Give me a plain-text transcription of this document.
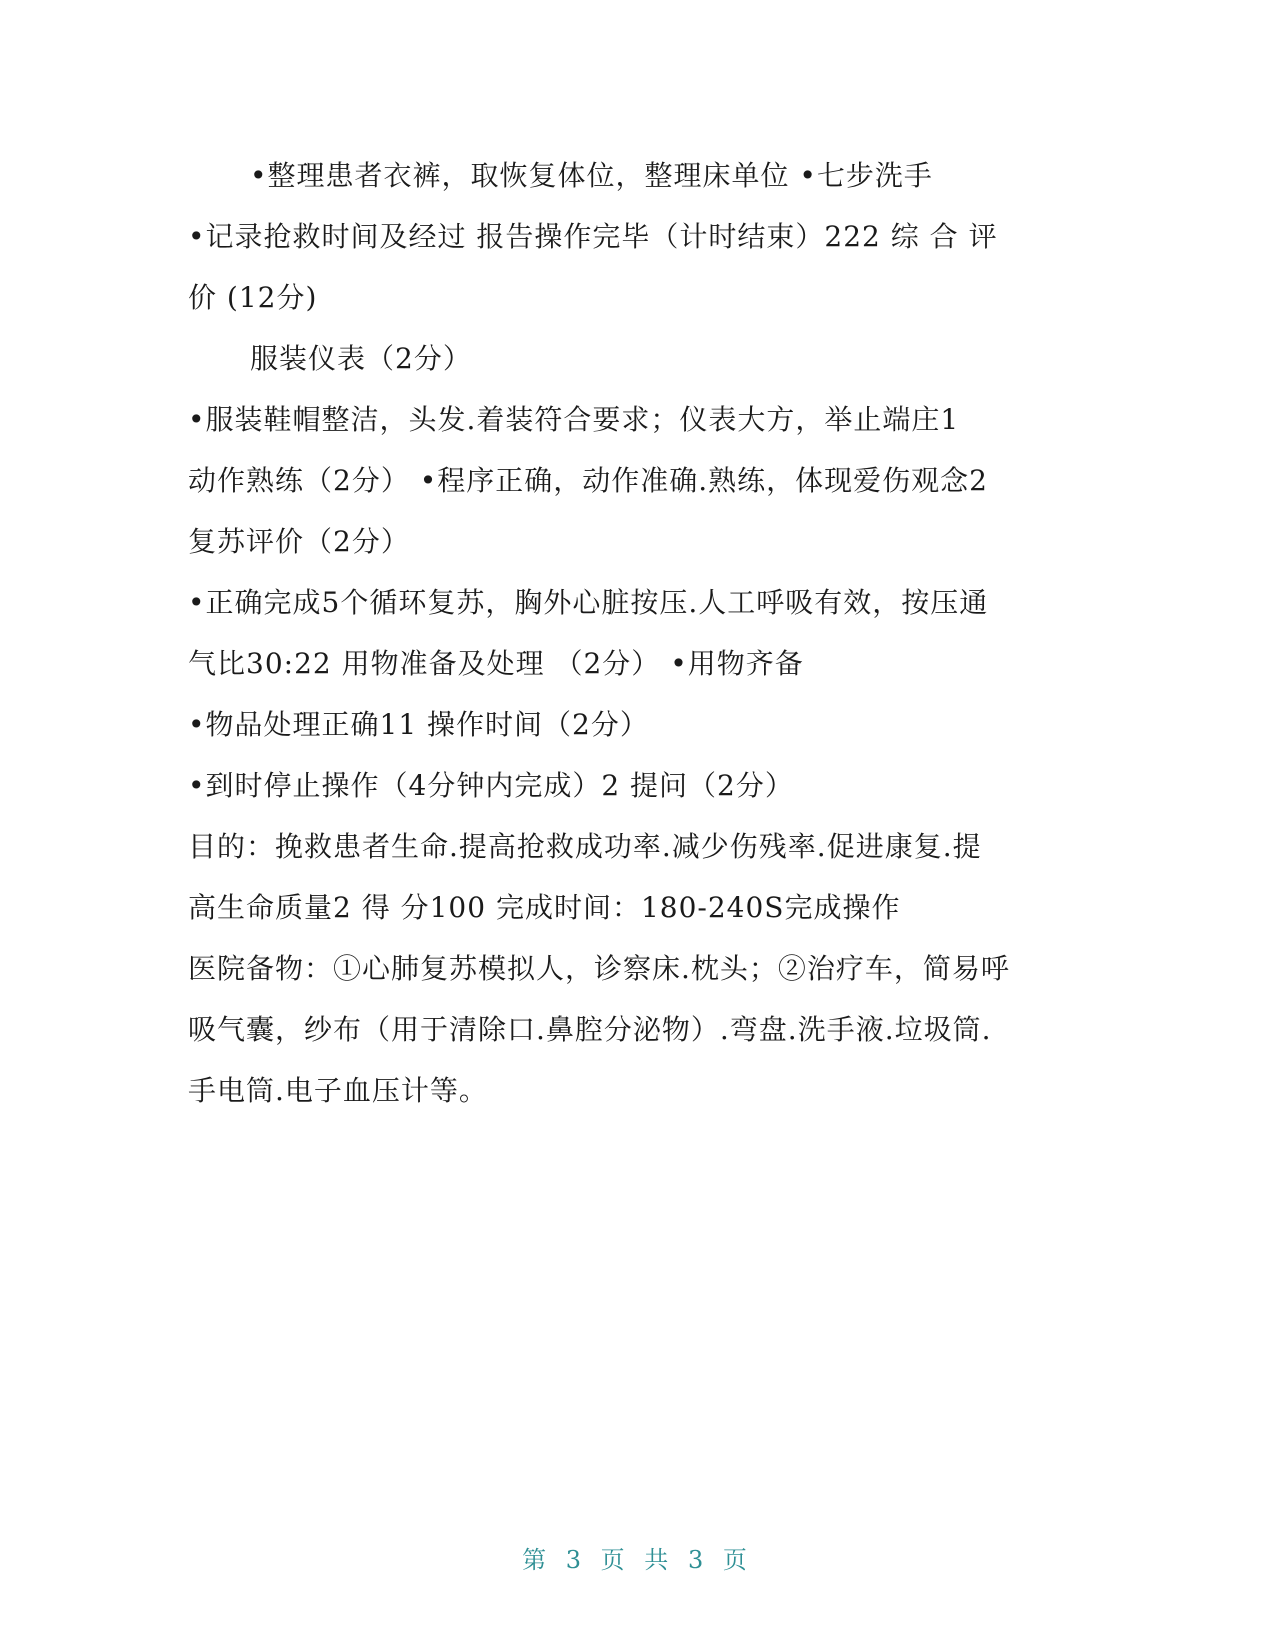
•整理患者衣裤，取恢复体位，整理床单位 •七步洗手
•记录抢救时间及经过 报告操作完毕（计时结束）222 综 合 评
价 (12分)
服装仪表（2分）
•服装鞋帽整洁，头发.着装符合要求；仪表大方，举止端庄1
动作熟练（2分） •程序正确，动作准确.熟练，体现爱伤观念2
复苏评价（2分）
•正确完成5个循环复苏，胸外心脏按压.人工呼吸有效，按压通
气比30:22 用物准备及处理 （2分） •用物齐备
•物品处理正确11 操作时间（2分）
•到时停止操作（4分钟内完成）2 提问（2分）
目的：挽救患者生命.提高抢救成功率.减少伤残率.促进康复.提
高生命质量2 得 分100 完成时间：180-240S完成操作
医院备物：①心肺复苏模拟人，诊察床.枕头；②治疗车，简易呼
吸气囊，纱布（用于清除口.鼻腔分泌物）.弯盘.洗手液.垃圾筒.
手电筒.电子血压计等。
第 3 页 共 3 页
